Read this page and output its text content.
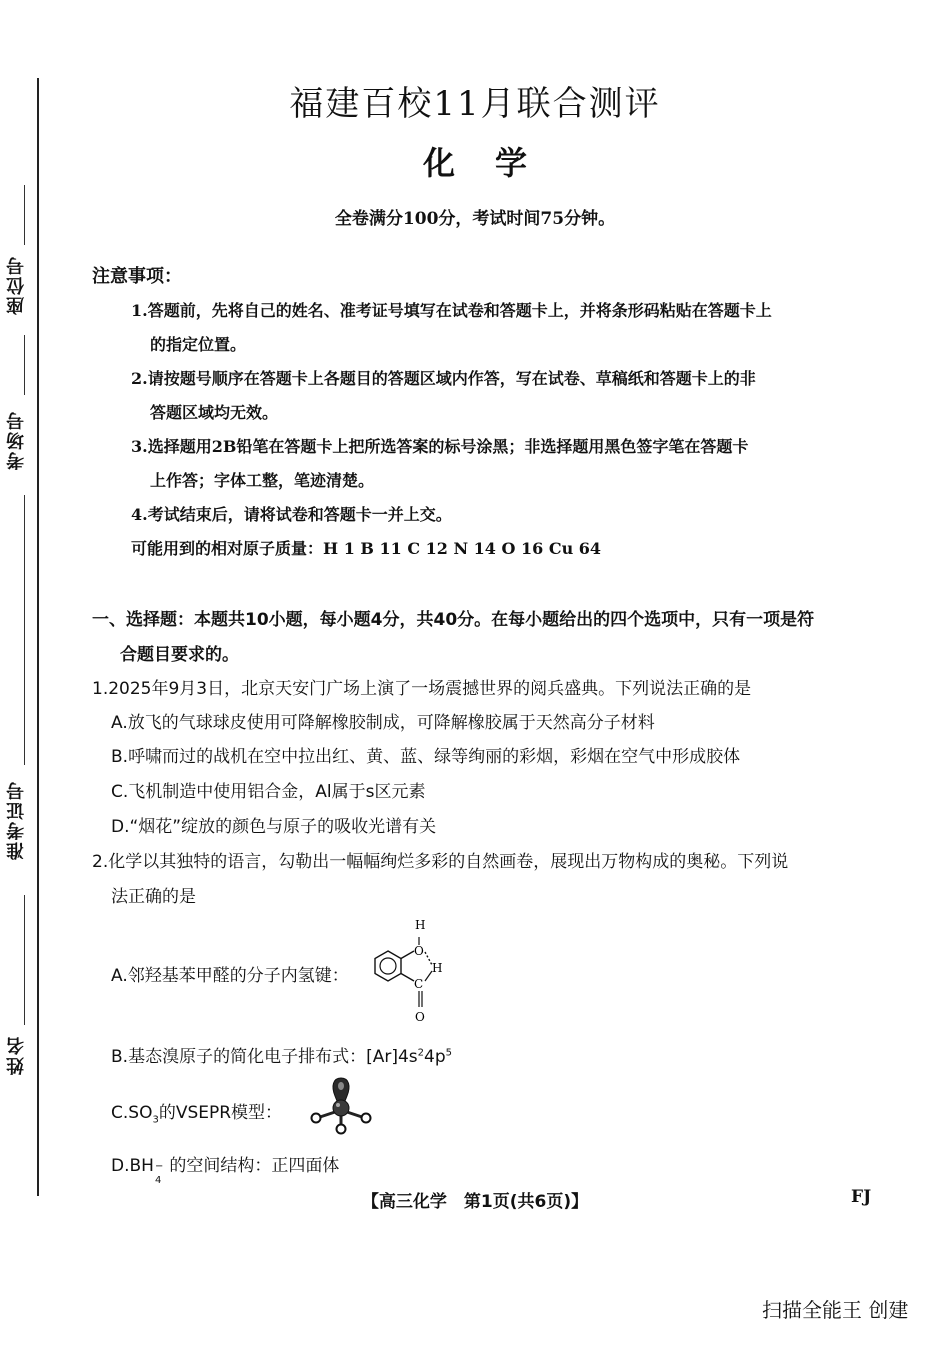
座位号
考场号
准考证号
姓名
福建百校11月联合测评
化学
全卷满分100分，考试时间75分钟。
注意事项：
1.答题前，先将自己的姓名、准考证号填写在试卷和答题卡上，并将条形码粘贴在答题卡上
的指定位置。
2.请按题号顺序在答题卡上各题目的答题区域内作答，写在试卷、草稿纸和答题卡上的非
答题区域均无效。
3.选择题用2B铅笔在答题卡上把所选答案的标号涂黑；非选择题用黑色签字笔在答题卡
上作答；字体工整，笔迹清楚。
4.考试结束后，请将试卷和答题卡一并上交。
可能用到的相对原子质量：H 1 B 11 C 12 N 14 O 16 Cu 64
一、选择题：本题共10小题，每小题4分，共40分。在每小题给出的四个选项中，只有一项是符
合题目要求的。
1.2025年9月3日，北京天安门广场上演了一场震撼世界的阅兵盛典。下列说法正确的是
A.放飞的气球球皮使用可降解橡胶制成，可降解橡胶属于天然高分子材料
B.呼啸而过的战机在空中拉出红、黄、蓝、绿等绚丽的彩烟，彩烟在空气中形成胶体
C.飞机制造中使用铝合金，Al属于s区元素
D.“烟花”绽放的颜色与原子的吸收光谱有关
2.化学以其独特的语言，勾勒出一幅幅绚烂多彩的自然画卷，展现出万物构成的奥秘。下列说
法正确的是
A.邻羟基苯甲醛的分子内氢键：
H
O
H
C
O
B.基态溴原子的简化电子排布式：$[Ar]4s^24p^5$
$C.SO_3$的VSEPR模型：
D.BH −
4
的空间结构：正四面体
【高三化学　第1页(共6页)】	FJ
扫描全能王 创建
